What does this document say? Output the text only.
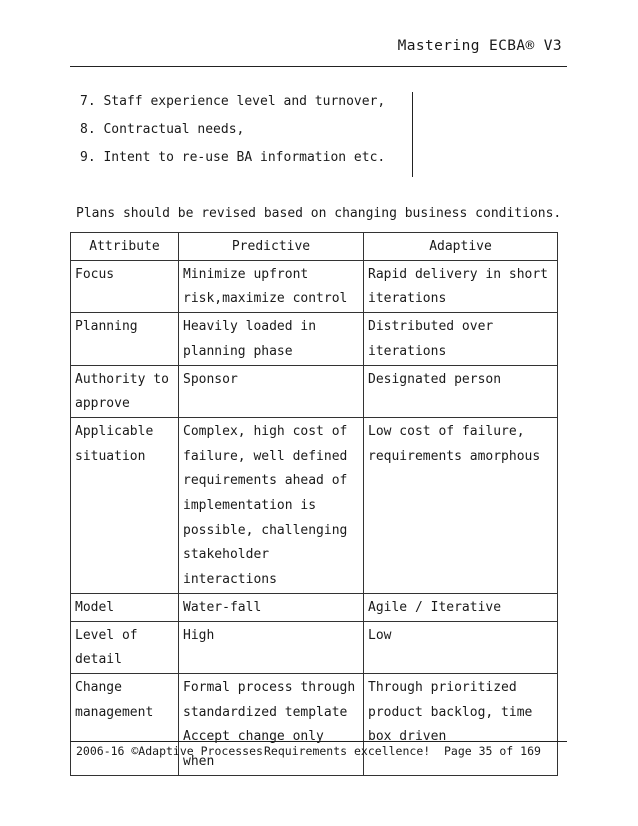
Mastering ECBA® V3
7. Staff experience level and turnover,
8. Contractual needs,
9. Intent to re-use BA information etc.
Plans should be revised based on changing business conditions.
Attribute	Predictive	Adaptive
Focus	Minimize upfront risk,maximize control	Rapid delivery in short iterations
Planning	Heavily loaded in planning phase	Distributed over iterations
Authority to approve	Sponsor	Designated person
Applicable situation	Complex, high cost of failure, well defined requirements ahead of implementation is possible, challenging stakeholder interactions	Low cost of failure, requirements amorphous
Model	Water-fall	Agile / Iterative
Level of detail	High	Low
Change management	Formal process through standardized template Accept change only when	Through prioritized product backlog, time box driven
2006-16 ©Adaptive Processes Requirements excellence!	Page 35 of 169
